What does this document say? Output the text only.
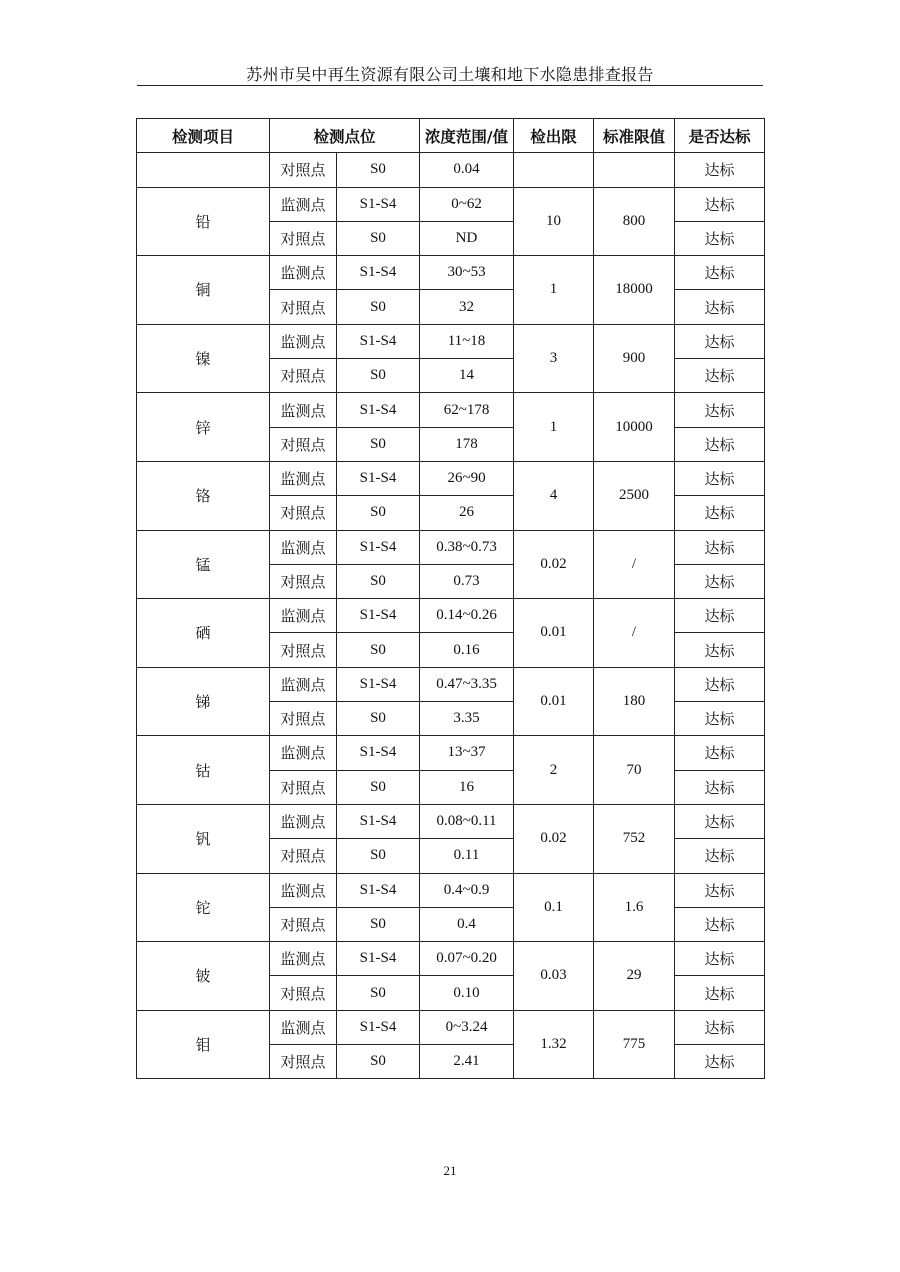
苏州市吴中再生资源有限公司土壤和地下水隐患排查报告
检测项目	检测点位		浓度范围/值	检出限	标准限值	是否达标
	对照点	S0	0.04			达标
铅	监测点	S1-S4	0~62	10	800	达标
	对照点	S0	ND			达标
铜	监测点	S1-S4	30~53	1	18000	达标
	对照点	S0	32			达标
镍	监测点	S1-S4	11~18	3	900	达标
	对照点	S0	14			达标
锌	监测点	S1-S4	62~178	1	10000	达标
	对照点	S0	178			达标
铬	监测点	S1-S4	26~90	4	2500	达标
	对照点	S0	26			达标
锰	监测点	S1-S4	0.38~0.73	0.02	/	达标
	对照点	S0	0.73			达标
硒	监测点	S1-S4	0.14~0.26	0.01	/	达标
	对照点	S0	0.16			达标
锑	监测点	S1-S4	0.47~3.35	0.01	180	达标
	对照点	S0	3.35			达标
钴	监测点	S1-S4	13~37	2	70	达标
	对照点	S0	16			达标
钒	监测点	S1-S4	0.08~0.11	0.02	752	达标
	对照点	S0	0.11			达标
铊	监测点	S1-S4	0.4~0.9	0.1	1.6	达标
	对照点	S0	0.4			达标
铍	监测点	S1-S4	0.07~0.20	0.03	29	达标
	对照点	S0	0.10			达标
钼	监测点	S1-S4	0~3.24	1.32	775	达标
	对照点	S0	2.41			达标
21
